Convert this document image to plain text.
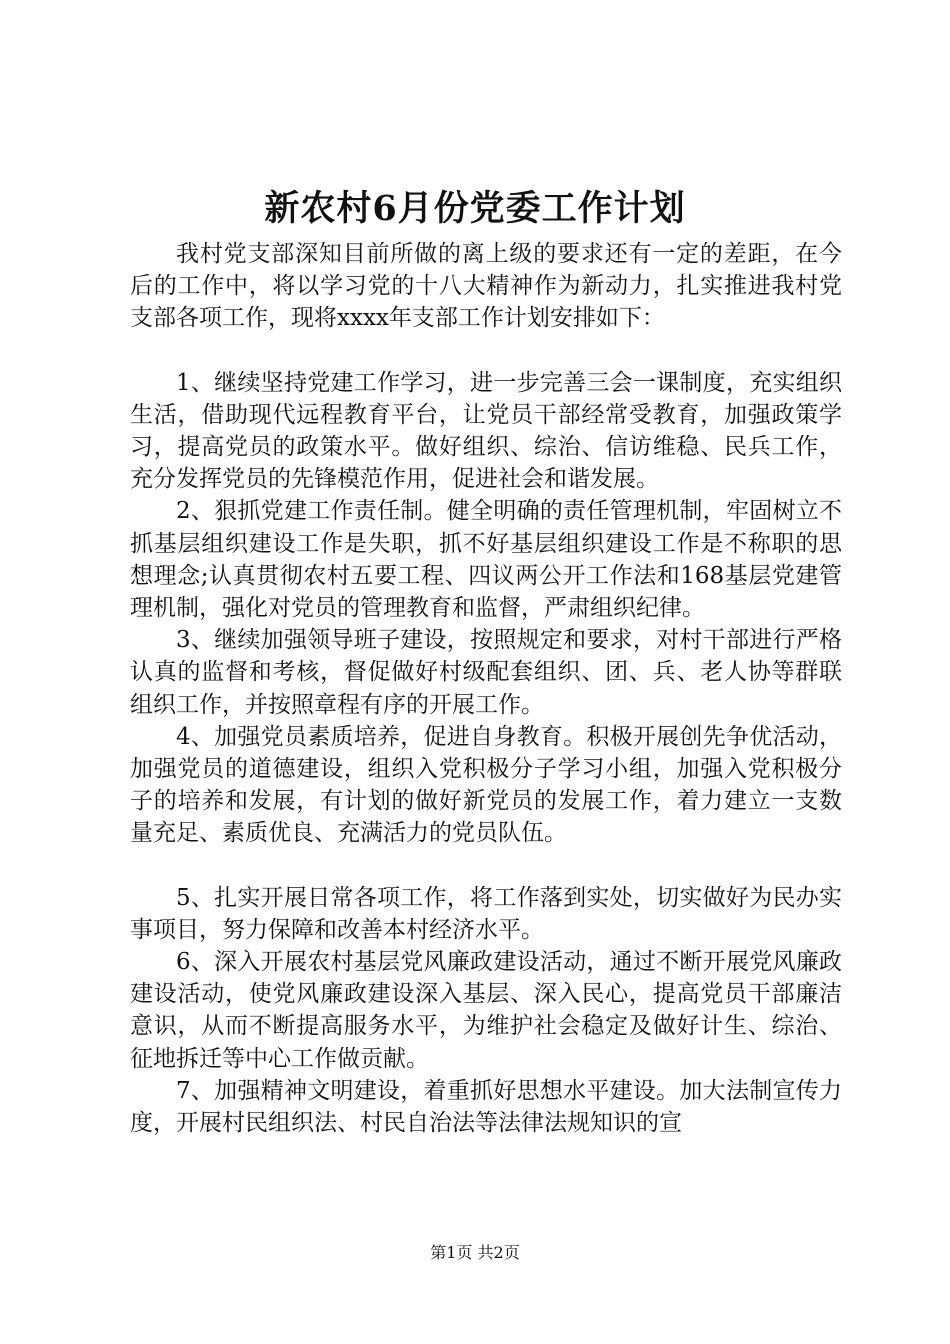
新农村6月份党委工作计划

我村党支部深知目前所做的离上级的要求还有一定的差距，在今后的工作中，将以学习党的十八大精神作为新动力，扎实推进我村党支部各项工作，现将xxxx年支部工作计划安排如下：

1、继续坚持党建工作学习，进一步完善三会一课制度，充实组织生活，借助现代远程教育平台，让党员干部经常受教育，加强政策学习，提高党员的政策水平。做好组织、综治、信访维稳、民兵工作，充分发挥党员的先锋模范作用，促进社会和谐发展。

2、狠抓党建工作责任制。健全明确的责任管理机制，牢固树立不抓基层组织建设工作是失职，抓不好基层组织建设工作是不称职的思想理念;认真贯彻农村五要工程、四议两公开工作法和168基层党建管理机制，强化对党员的管理教育和监督，严肃组织纪律。

3、继续加强领导班子建设，按照规定和要求，对村干部进行严格认真的监督和考核，督促做好村级配套组织、团、兵、老人协等群联组织工作，并按照章程有序的开展工作。

4、加强党员素质培养，促进自身教育。积极开展创先争优活动，加强党员的道德建设，组织入党积极分子学习小组，加强入党积极分子的培养和发展，有计划的做好新党员的发展工作，着力建立一支数量充足、素质优良、充满活力的党员队伍。

5、扎实开展日常各项工作，将工作落到实处，切实做好为民办实事项目，努力保障和改善本村经济水平。

6、深入开展农村基层党风廉政建设活动，通过不断开展党风廉政建设活动，使党风廉政建设深入基层、深入民心，提高党员干部廉洁意识，从而不断提高服务水平，为维护社会稳定及做好计生、综治、征地拆迁等中心工作做贡献。

7、加强精神文明建设，着重抓好思想水平建设。加大法制宣传力度，开展村民组织法、村民自治法等法律法规知识的宣

第1页 共2页
